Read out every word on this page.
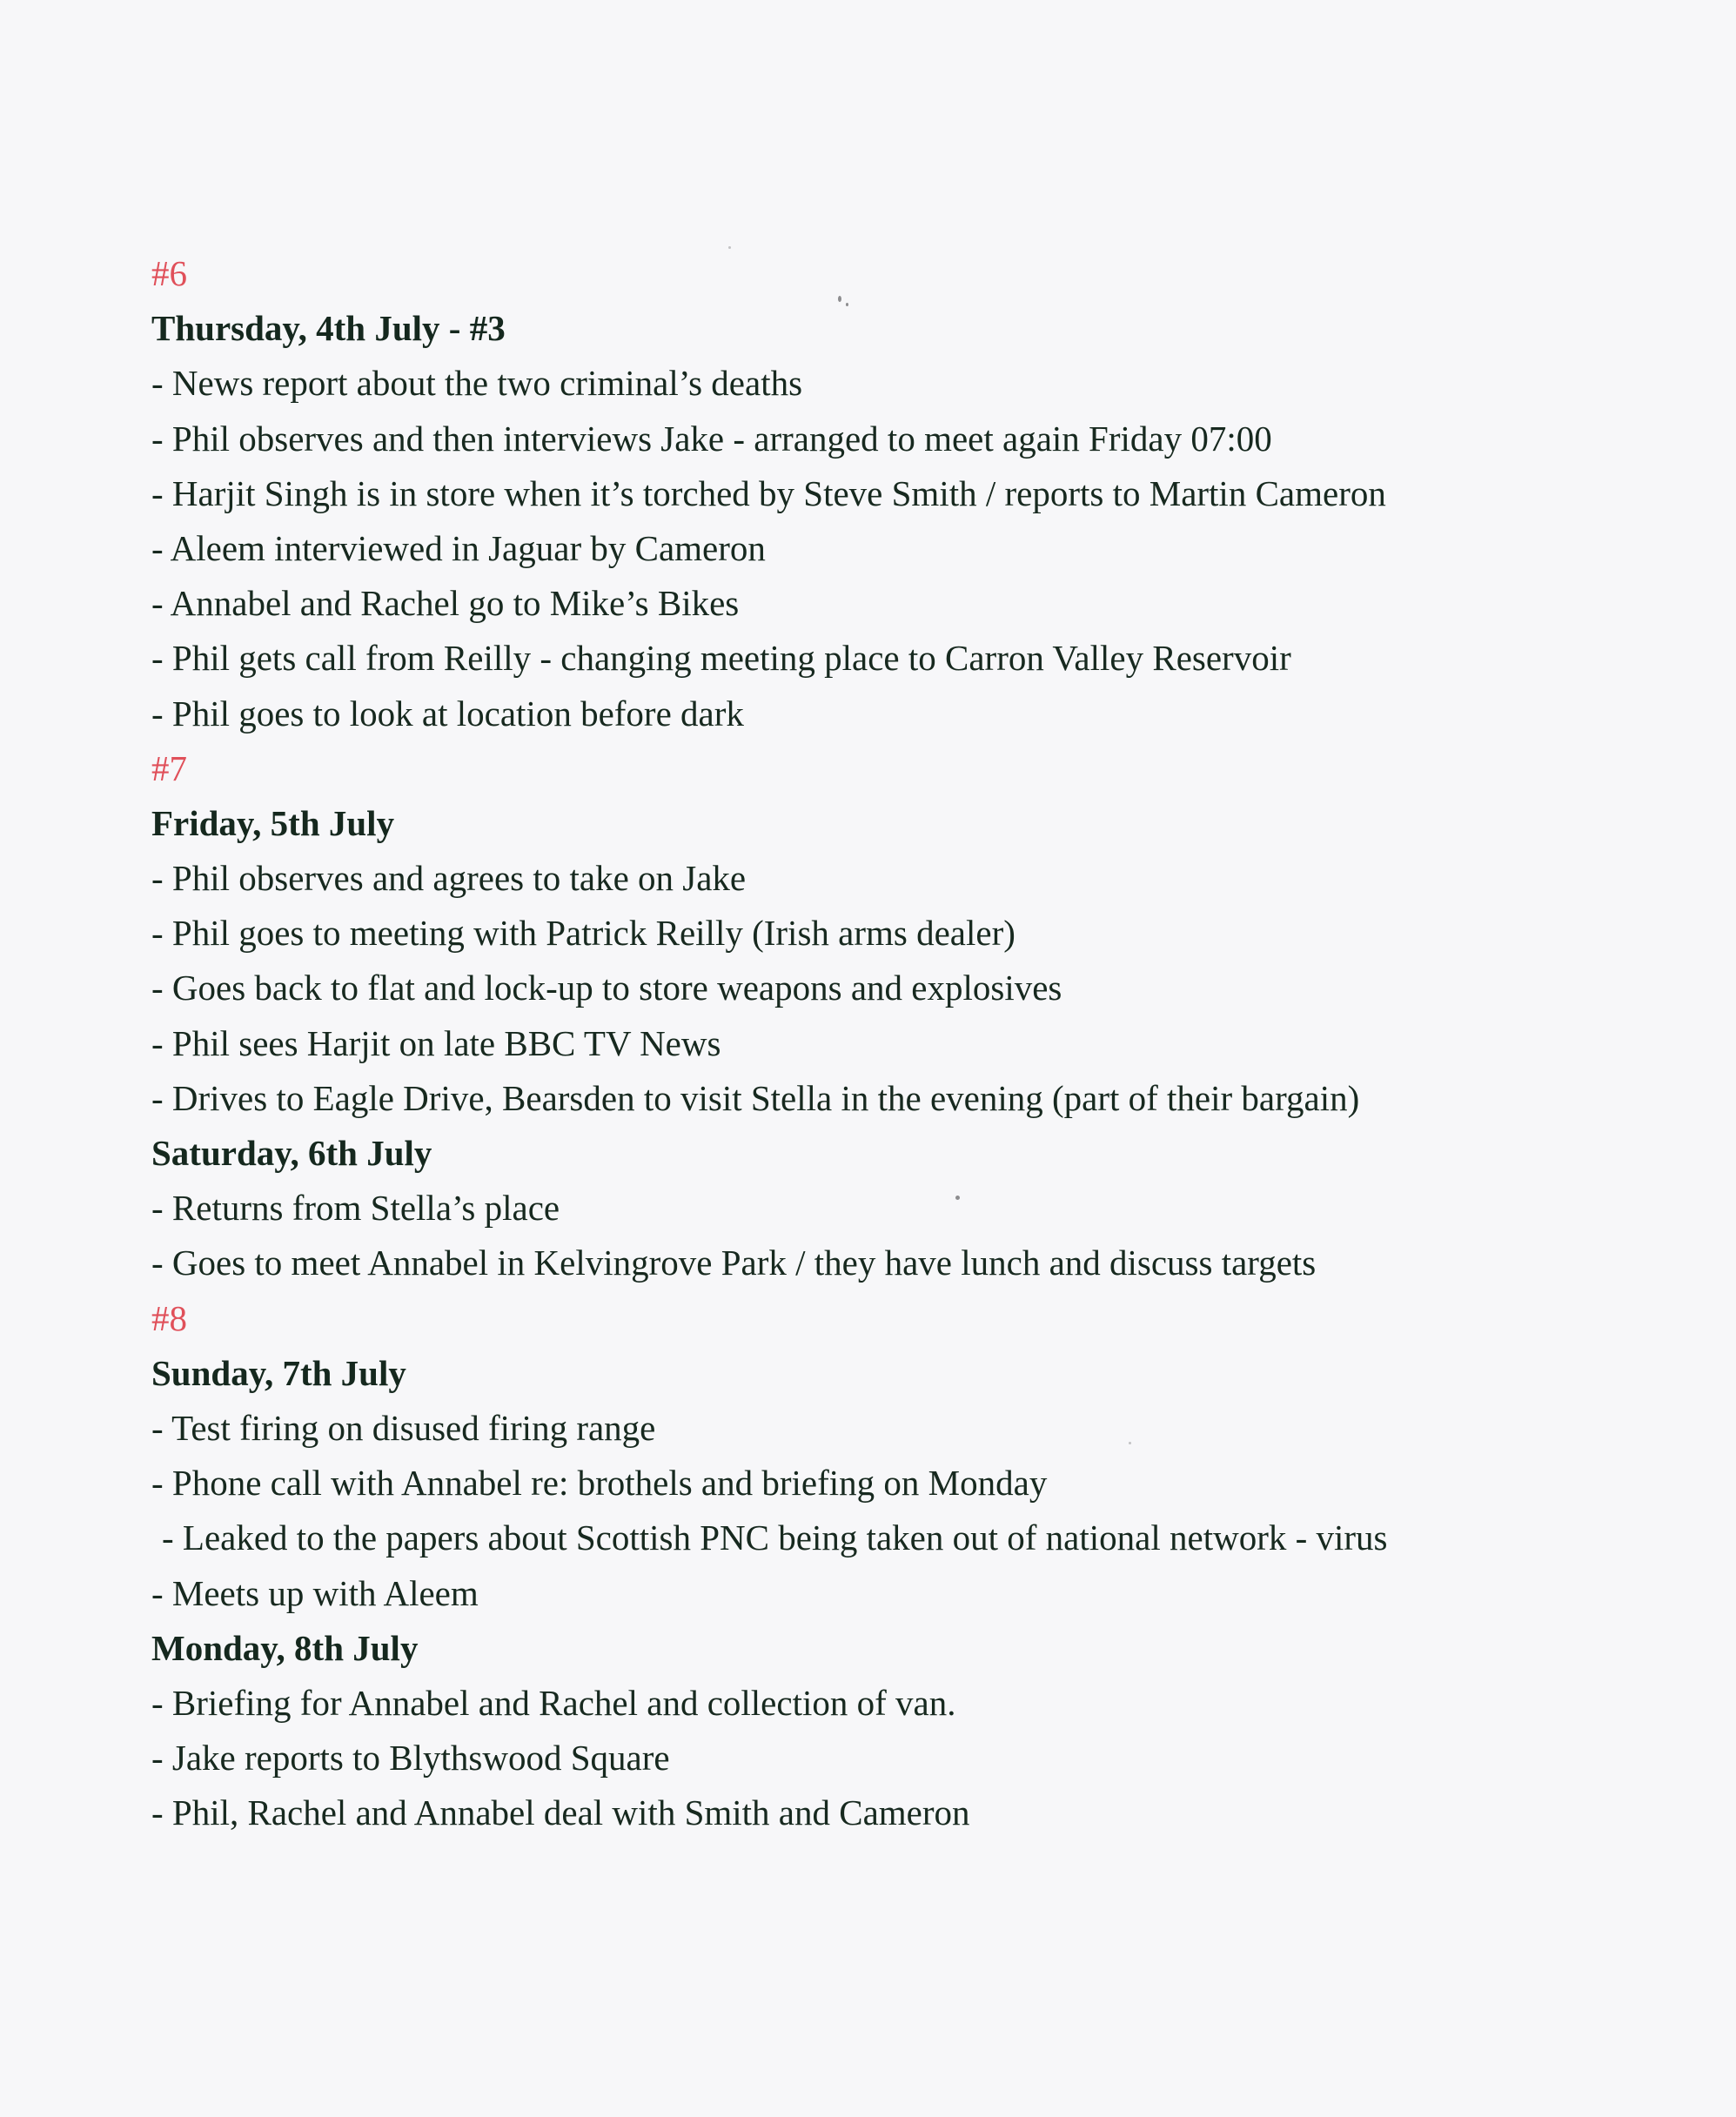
#6
Thursday, 4th July - #3
- News report about the two criminal’s deaths
- Phil observes and then interviews Jake - arranged to meet again Friday 07:00
- Harjit Singh is in store when it’s torched by Steve Smith / reports to Martin Cameron
- Aleem interviewed in Jaguar by Cameron
- Annabel and Rachel go to Mike’s Bikes
- Phil gets call from Reilly - changing meeting place to Carron Valley Reservoir
- Phil goes to look at location before dark
#7
Friday, 5th July
- Phil observes and agrees to take on Jake
- Phil goes to meeting with Patrick Reilly (Irish arms dealer)
- Goes back to flat and lock-up to store weapons and explosives
- Phil sees Harjit on late BBC TV News
- Drives to Eagle Drive, Bearsden to visit Stella in the evening (part of their bargain)
Saturday, 6th July
- Returns from Stella’s place
- Goes to meet Annabel in Kelvingrove Park / they have lunch and discuss targets
#8
Sunday, 7th July
- Test firing on disused firing range
- Phone call with Annabel re: brothels and briefing on Monday
- Leaked to the papers about Scottish PNC being taken out of national network - virus
- Meets up with Aleem
Monday, 8th July
- Briefing for Annabel and Rachel and collection of van.
- Jake reports to Blythswood Square
- Phil, Rachel and Annabel deal with Smith and Cameron
